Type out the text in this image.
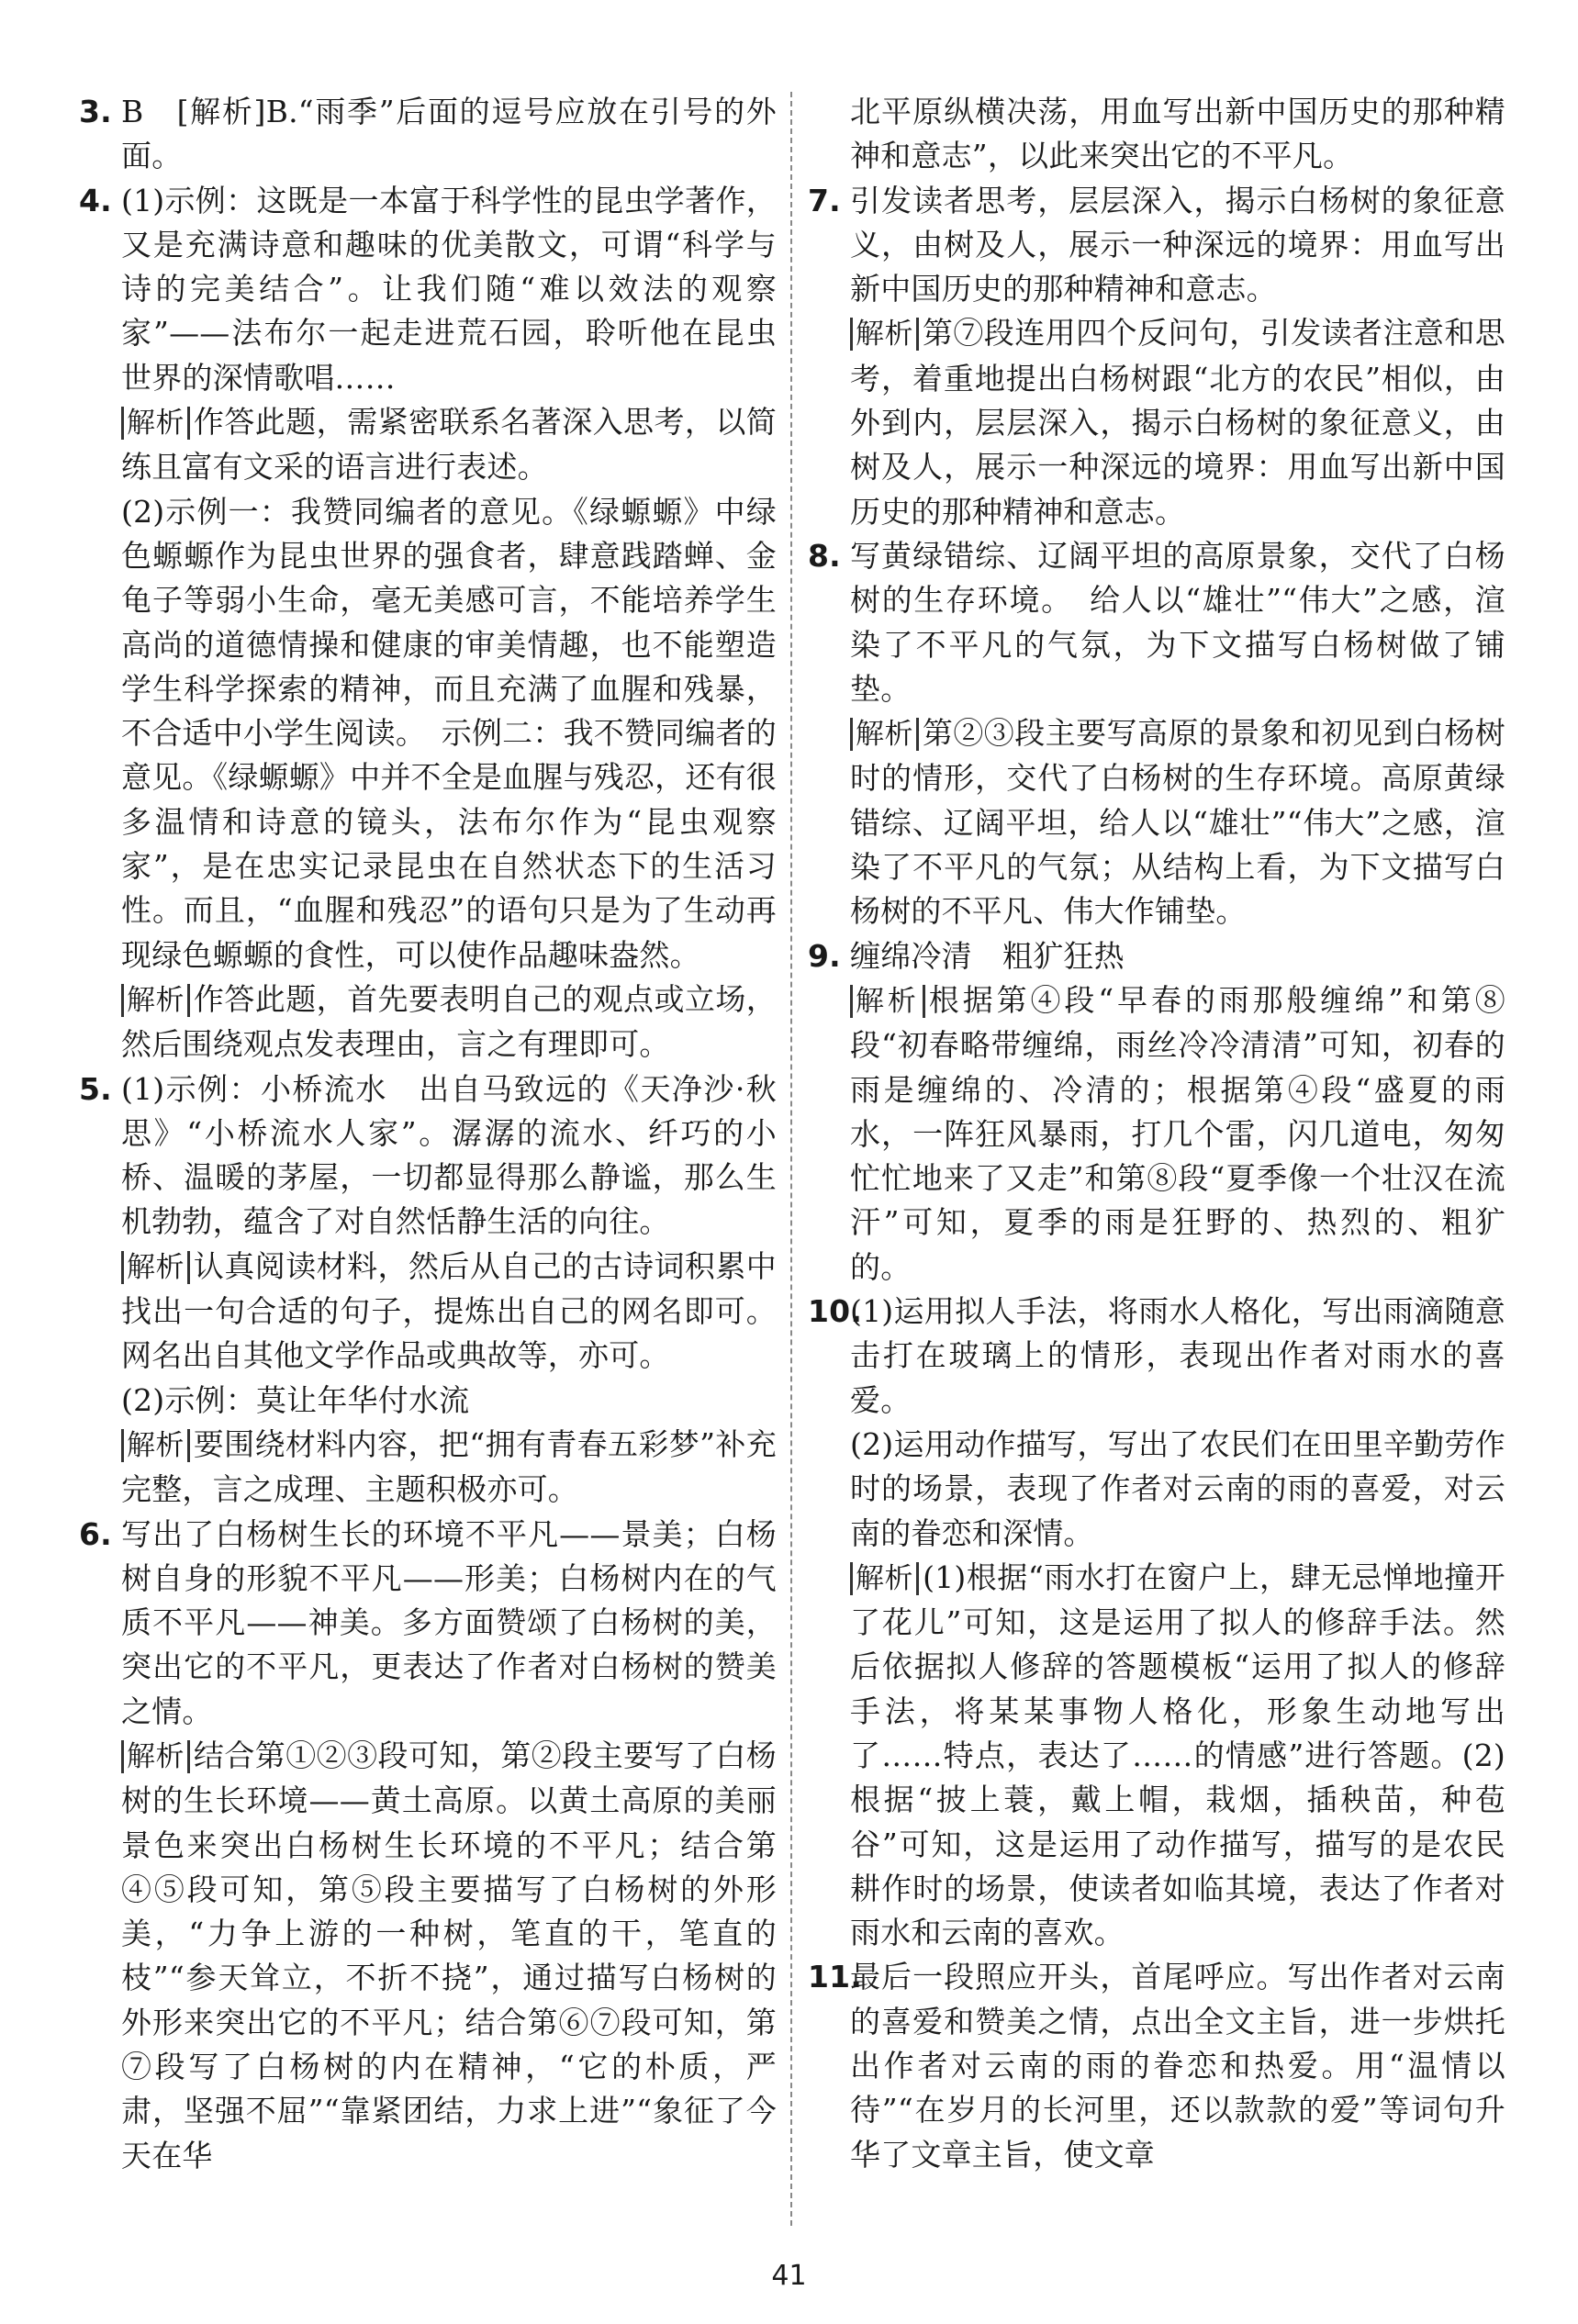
3. B　[解析]B.“雨季”后面的逗号应放在引号的外面。

4. (1)示例：这既是一本富于科学性的昆虫学著作，又是充满诗意和趣味的优美散文，可谓“科学与诗的完美结合”。让我们随“难以效法的观察家”——法布尔一起走进荒石园，聆听他在昆虫世界的深情歌唱……

解析 作答此题，需紧密联系名著深入思考，以简练且富有文采的语言进行表述。

(2)示例一：我赞同编者的意见。《绿螈螈》中绿色螈螈作为昆虫世界的强食者，肆意践踏蝉、金龟子等弱小生命，毫无美感可言，不能培养学生高尚的道德情操和健康的审美情趣，也不能塑造学生科学探索的精神，而且充满了血腥和残暴，不合适中小学生阅读。　示例二：我不赞同编者的意见。《绿螈螈》中并不全是血腥与残忍，还有很多温情和诗意的镜头，法布尔作为“昆虫观察家”，是在忠实记录昆虫在自然状态下的生活习性。而且，“血腥和残忍”的语句只是为了生动再现绿色螈螈的食性，可以使作品趣味盎然。

解析 作答此题，首先要表明自己的观点或立场，然后围绕观点发表理由，言之有理即可。

5. (1)示例：小桥流水　出自马致远的《天净沙·秋思》“小桥流水人家”。潺潺的流水、纤巧的小桥、温暖的茅屋，一切都显得那么静谧，那么生机勃勃，蕴含了对自然恬静生活的向往。

解析 认真阅读材料，然后从自己的古诗词积累中找出一句合适的句子，提炼出自己的网名即可。网名出自其他文学作品或典故等，亦可。

(2)示例：莫让年华付水流

解析 要围绕材料内容，把“拥有青春五彩梦”补充完整，言之成理、主题积极亦可。

6. 写出了白杨树生长的环境不平凡——景美；白杨树自身的形貌不平凡——形美；白杨树内在的气质不平凡——神美。多方面赞颂了白杨树的美，突出它的不平凡，更表达了作者对白杨树的赞美之情。

解析 结合第①②③段可知，第②段主要写了白杨树的生长环境——黄土高原。以黄土高原的美丽景色来突出白杨树生长环境的不平凡；结合第④⑤段可知，第⑤段主要描写了白杨树的外形美，“力争上游的一种树，笔直的干，笔直的枝”“参天耸立，不折不挠”，通过描写白杨树的外形来突出它的不平凡；结合第⑥⑦段可知，第⑦段写了白杨树的内在精神，“它的朴质，严肃，坚强不屈”“靠紧团结，力求上进”“象征了今天在华

北平原纵横决荡，用血写出新中国历史的那种精神和意志”，以此来突出它的不平凡。

7. 引发读者思考，层层深入，揭示白杨树的象征意义，由树及人，展示一种深远的境界：用血写出新中国历史的那种精神和意志。

解析 第⑦段连用四个反问句，引发读者注意和思考，着重地提出白杨树跟“北方的农民”相似，由外到内，层层深入，揭示白杨树的象征意义，由树及人，展示一种深远的境界：用血写出新中国历史的那种精神和意志。

8. 写黄绿错综、辽阔平坦的高原景象，交代了白杨树的生存环境。　给人以“雄壮”“伟大”之感，渲染了不平凡的气氛，为下文描写白杨树做了铺垫。

解析 第②③段主要写高原的景象和初见到白杨树时的情形，交代了白杨树的生存环境。高原黄绿错综、辽阔平坦，给人以“雄壮”“伟大”之感，渲染了不平凡的气氛；从结构上看，为下文描写白杨树的不平凡、伟大作铺垫。

9. 缠绵冷清　粗犷狂热

解析 根据第④段“早春的雨那般缠绵”和第⑧段“初春略带缠绵，雨丝冷冷清清”可知，初春的雨是缠绵的、冷清的；根据第④段“盛夏的雨水，一阵狂风暴雨，打几个雷，闪几道电，匆匆忙忙地来了又走”和第⑧段“夏季像一个壮汉在流汗”可知，夏季的雨是狂野的、热烈的、粗犷的。

10.
(1)运用拟人手法，将雨水人格化，写出雨滴随意击打在玻璃上的情形，表现出作者对雨水的喜爱。

(2)运用动作描写，写出了农民们在田里辛勤劳作时的场景，表现了作者对云南的雨的喜爱，对云南的眷恋和深情。

解析 (1)根据“雨水打在窗户上，肆无忌惮地撞开了花儿”可知，这是运用了拟人的修辞手法。然后依据拟人修辞的答题模板“运用了拟人的修辞手法，将某某事物人格化，形象生动地写出了……特点，表达了……的情感”进行答题。(2)根据“披上蓑，戴上帽，栽烟，插秧苗，种苞谷”可知，这是运用了动作描写，描写的是农民耕作时的场景，使读者如临其境，表达了作者对雨水和云南的喜欢。

11.
最后一段照应开头，首尾呼应。写出作者对云南的喜爱和赞美之情，点出全文主旨，进一步烘托出作者对云南的雨的眷恋和热爱。用“温情以待”“在岁月的长河里，还以款款的爱”等词句升华了文章主旨，使文章

41
